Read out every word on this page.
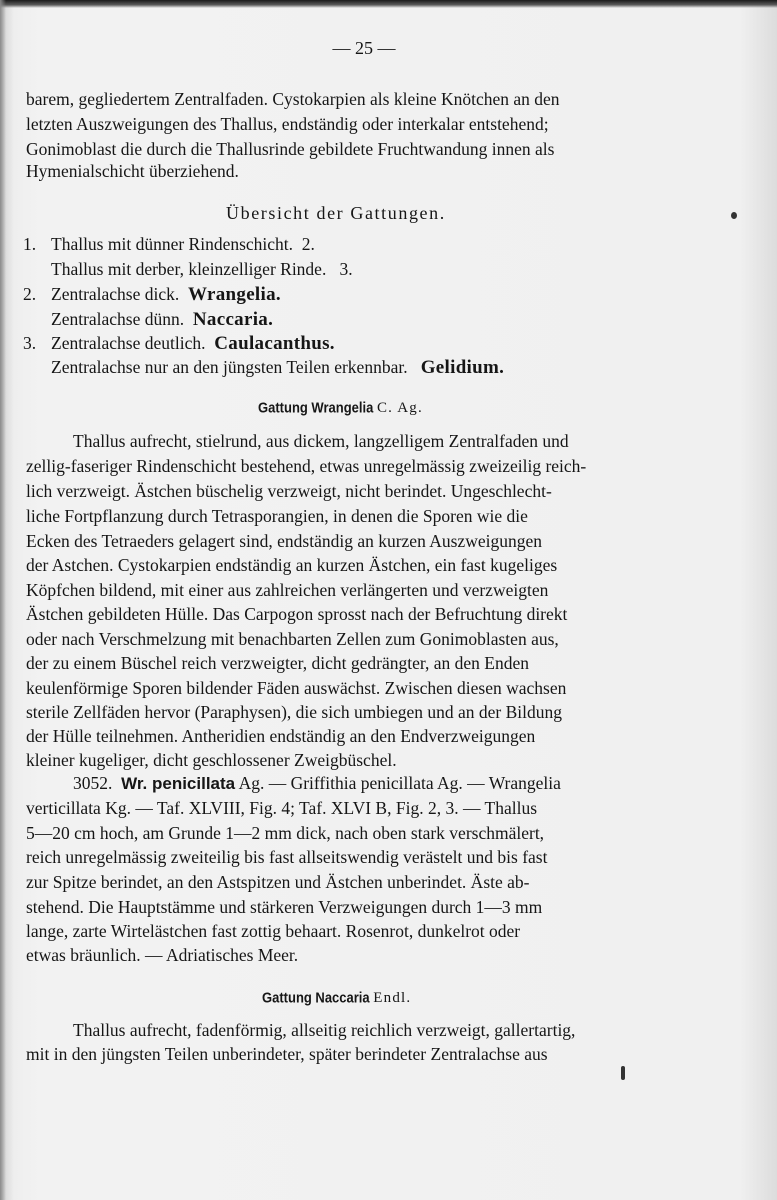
— 25 —
barem, gegliedertem Zentralfaden. Cystokarpien als kleine Knötchen an den
letzten Auszweigungen des Thallus, endständig oder interkalar entstehend;
Gonimoblast die durch die Thallusrinde gebildete Fruchtwandung innen als
Hymenialschicht überziehend.
Übersicht der Gattungen.
1. Thallus mit dünner Rindenschicht. 2.
Thallus mit derber, kleinzelliger Rinde. 3.
2. Zentralachse dick. Wrangelia.
Zentralachse dünn. Naccaria.
3. Zentralachse deutlich. Caulacanthus.
Zentralachse nur an den jüngsten Teilen erkennbar. Gelidium.
Gattung Wrangelia C. Ag.
Thallus aufrecht, stielrund, aus dickem, langzelligem Zentralfaden und
zellig-faseriger Rindenschicht bestehend, etwas unregelmässig zweizeilig reich-
lich verzweigt. Ästchen büschelig verzweigt, nicht berindet. Ungeschlecht-
liche Fortpflanzung durch Tetrasporangien, in denen die Sporen wie die
Ecken des Tetraeders gelagert sind, endständig an kurzen Auszweigungen
der Astchen. Cystokarpien endständig an kurzen Ästchen, ein fast kugeliges
Köpfchen bildend, mit einer aus zahlreichen verlängerten und verzweigten
Ästchen gebildeten Hülle. Das Carpogon sprosst nach der Befruchtung direkt
oder nach Verschmelzung mit benachbarten Zellen zum Gonimoblasten aus,
der zu einem Büschel reich verzweigter, dicht gedrängter, an den Enden
keulenförmige Sporen bildender Fäden auswächst. Zwischen diesen wachsen
sterile Zellfäden hervor (Paraphysen), die sich umbiegen und an der Bildung
der Hülle teilnehmen. Antheridien endständig an den Endverzweigungen
kleiner kugeliger, dicht geschlossener Zweigbüschel.
3052. Wr. penicillata Ag. — Griffithia penicillata Ag. — Wrangelia
verticillata Kg. — Taf. XLVIII, Fig. 4; Taf. XLVI B, Fig. 2, 3. — Thallus
5—20 cm hoch, am Grunde 1—2 mm dick, nach oben stark verschmälert,
reich unregelmässig zweiteilig bis fast allseitswendig verästelt und bis fast
zur Spitze berindet, an den Astspitzen und Ästchen unberindet. Äste ab-
stehend. Die Hauptstämme und stärkeren Verzweigungen durch 1—3 mm
lange, zarte Wirtelästchen fast zottig behaart. Rosenrot, dunkelrot oder
etwas bräunlich. — Adriatisches Meer.
Gattung Naccaria Endl.
Thallus aufrecht, fadenförmig, allseitig reichlich verzweigt, gallertartig,
mit in den jüngsten Teilen unberindeter, später berindeter Zentralachse aus
